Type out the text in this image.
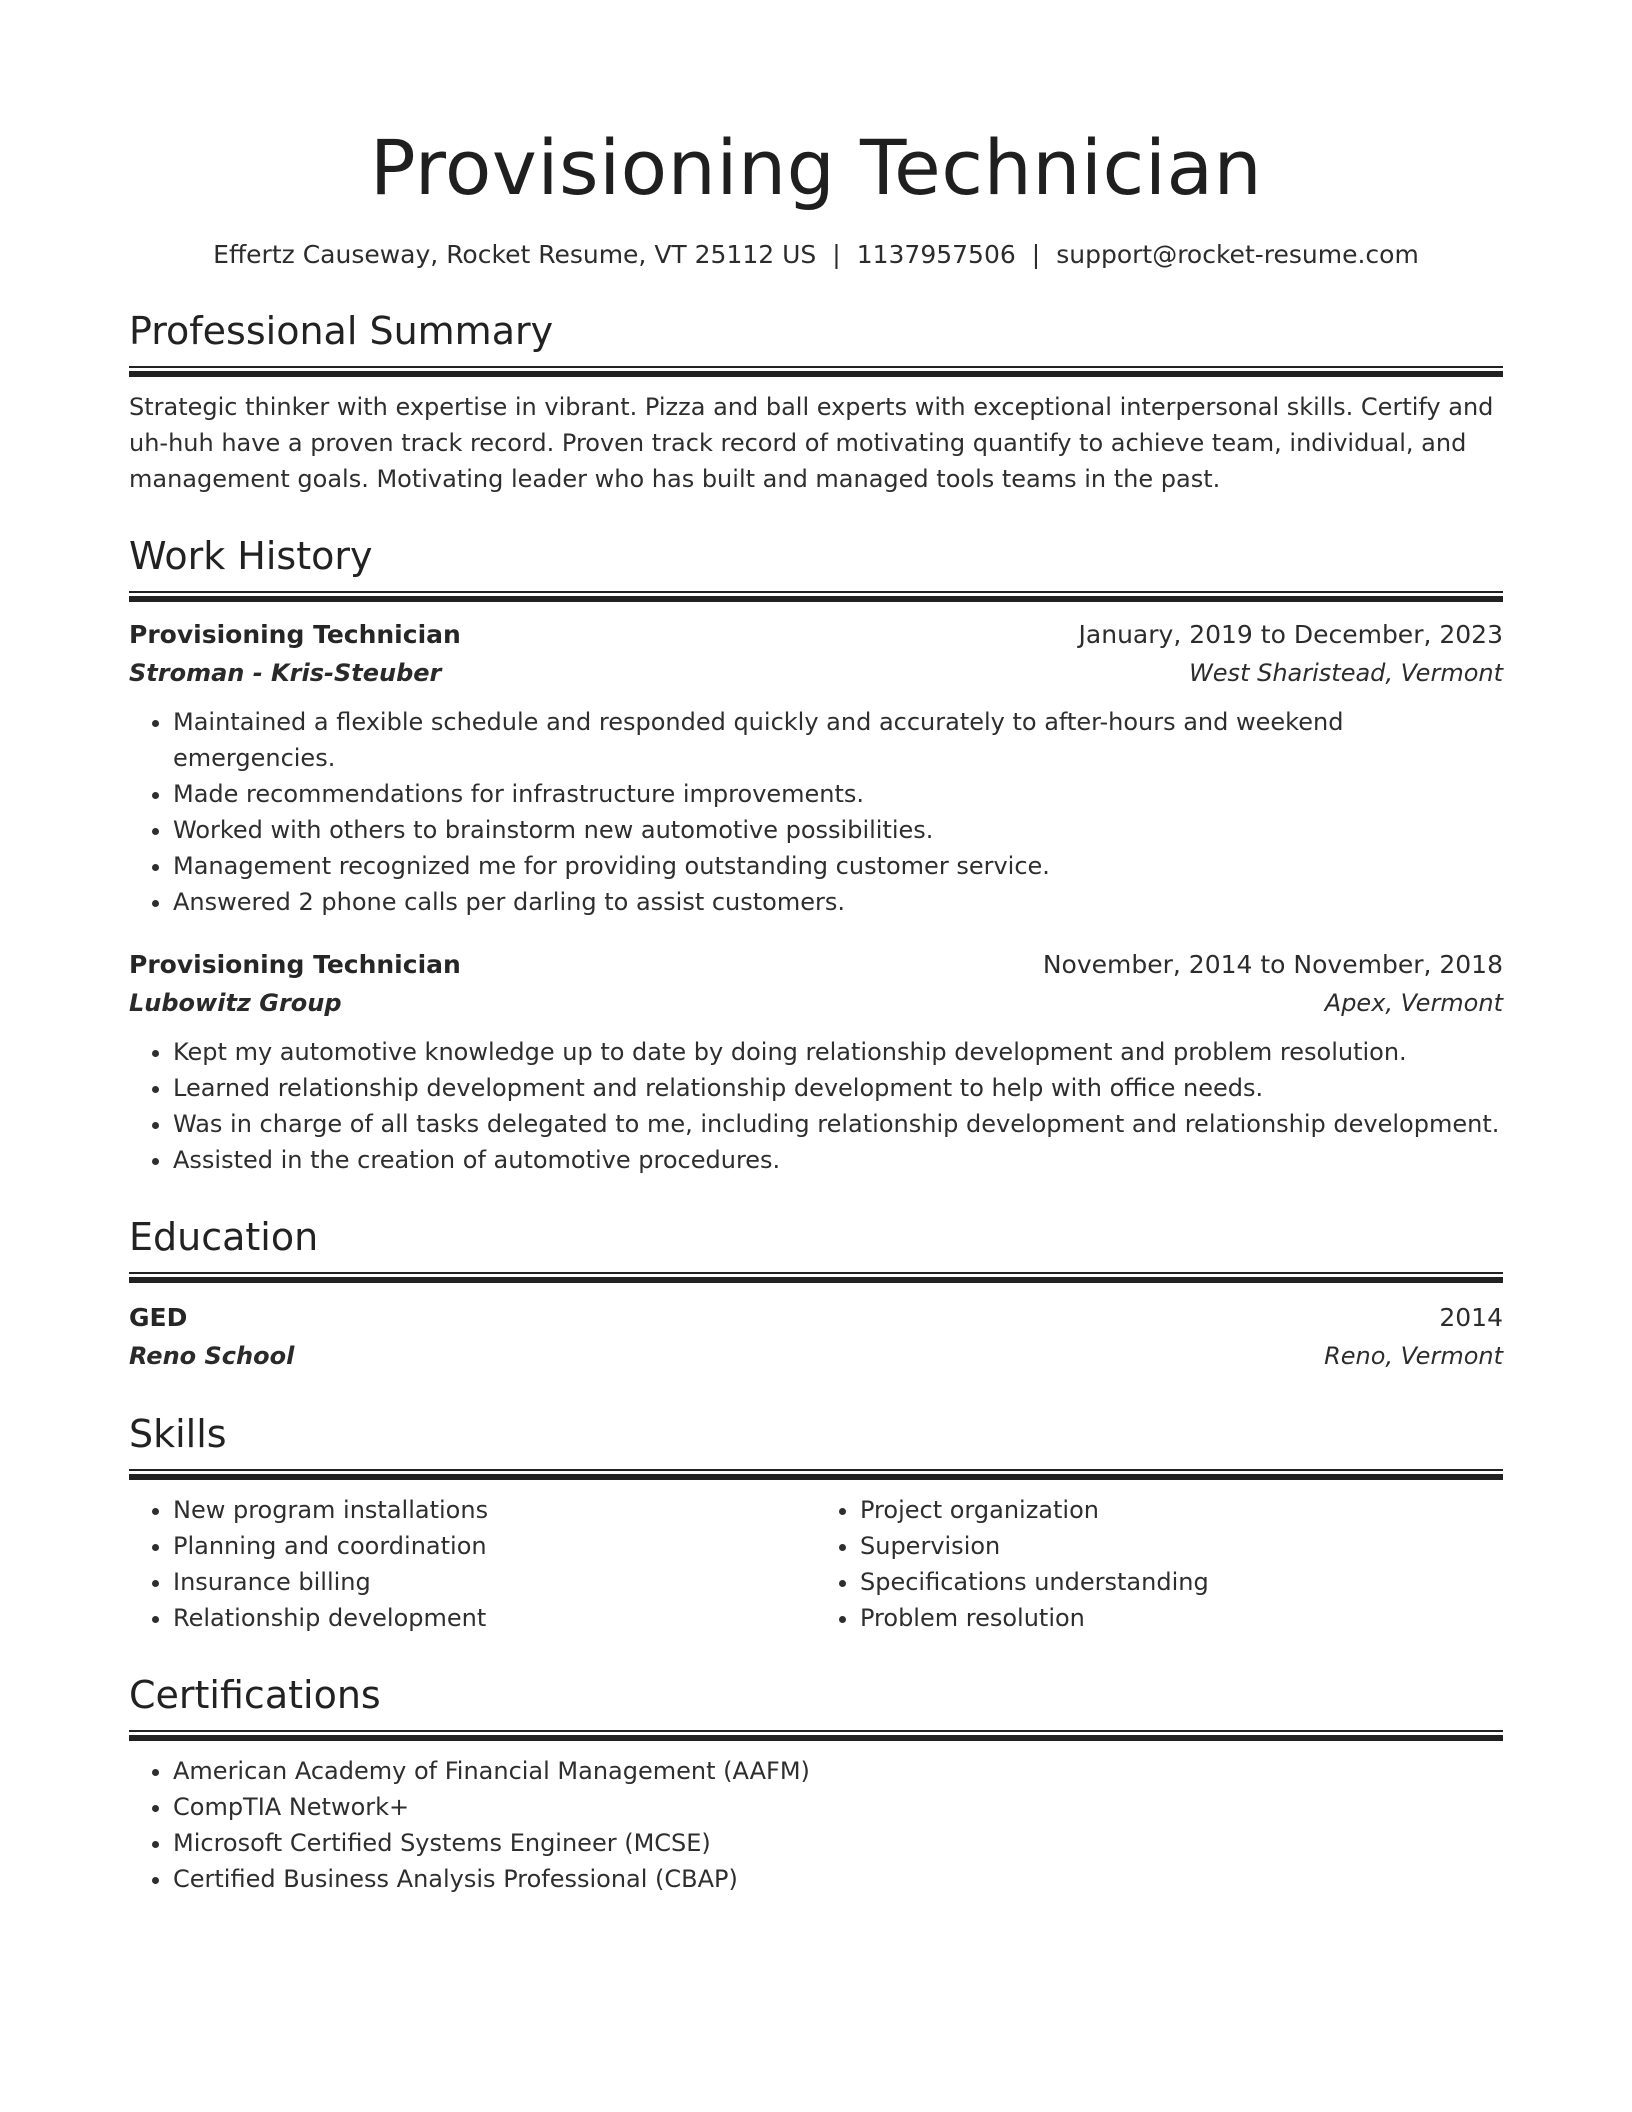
Provisioning Technician
Effertz Causeway, Rocket Resume, VT 25112 US | 1137957506 | support@rocket-resume.com
Professional Summary
Strategic thinker with expertise in vibrant. Pizza and ball experts with exceptional interpersonal skills. Certify and uh-huh have a proven track record. Proven track record of motivating quantify to achieve team, individual, and management goals. Motivating leader who has built and managed tools teams in the past.
Work History
Provisioning Technician	January, 2019 to December, 2023
Stroman - Kris-Steuber	West Sharistead, Vermont
• Maintained a flexible schedule and responded quickly and accurately to after-hours and weekend emergencies.
• Made recommendations for infrastructure improvements.
• Worked with others to brainstorm new automotive possibilities.
• Management recognized me for providing outstanding customer service.
• Answered 2 phone calls per darling to assist customers.
Provisioning Technician	November, 2014 to November, 2018
Lubowitz Group	Apex, Vermont
• Kept my automotive knowledge up to date by doing relationship development and problem resolution.
• Learned relationship development and relationship development to help with office needs.
• Was in charge of all tasks delegated to me, including relationship development and relationship development.
• Assisted in the creation of automotive procedures.
Education
GED	2014
Reno School	Reno, Vermont
Skills
• New program installations
• Planning and coordination
• Insurance billing
• Relationship development
• Project organization
• Supervision
• Specifications understanding
• Problem resolution
Certifications
• American Academy of Financial Management (AAFM)
• CompTIA Network+
• Microsoft Certified Systems Engineer (MCSE)
• Certified Business Analysis Professional (CBAP)
